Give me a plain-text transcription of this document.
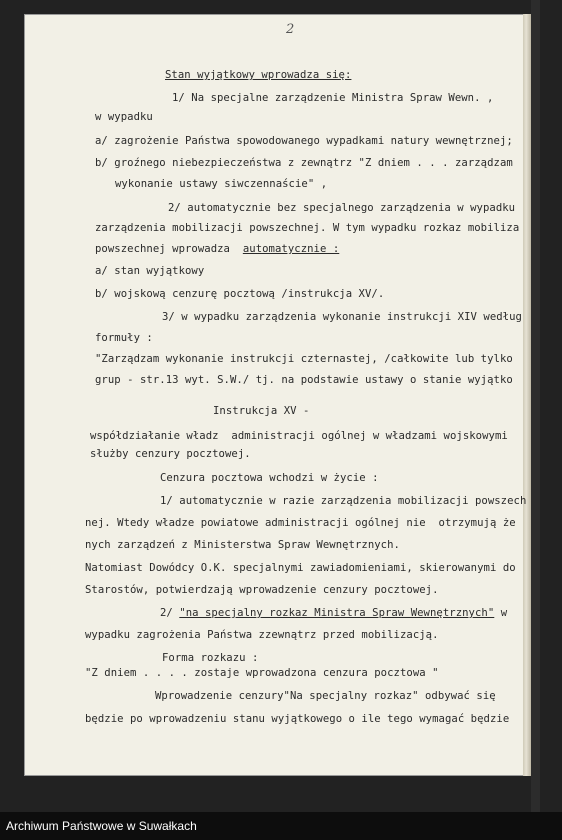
2
Stan wyjątkowy wprowadza się:
1/ Na specjalne zarządzenie Ministra Spraw Wewn. ,
w wypadku
a/ zagrożenie Państwa spowodowanego wypadkami natury wewnętrznej;
b/ groźnego niebezpieczeństwa z zewnątrz "Z dniem . . . zarządzam
wykonanie ustawy siwczennaście" ,
2/ automatycznie bez specjalnego zarządzenia w wypadku
zarządzenia mobilizacji powszechnej. W tym wypadku rozkaz mobiliza
powszechnej wprowadza  automatycznie :
a/ stan wyjątkowy
b/ wojskową cenzurę pocztową /instrukcja XV/.
3/ w wypadku zarządzenia wykonanie instrukcji XIV według
formuły :
"Zarządzam wykonanie instrukcji czternastej, /całkowite lub tylko
grup - str.13 wyt. S.W./ tj. na podstawie ustawy o stanie wyjątko
Instrukcja XV -
współdziałanie władz  administracji ogólnej w władzami wojskowymi
służby cenzury pocztowej.
Cenzura pocztowa wchodzi w życie :
1/ automatycznie w razie zarządzenia mobilizacji powszech
nej. Wtedy władze powiatowe administracji ogólnej nie  otrzymują że
nych zarządzeń z Ministerstwa Spraw Wewnętrznych.
Natomiast Dowódcy O.K. specjalnymi zawiadomieniami, skierowanymi do
Starostów, potwierdzają wprowadzenie cenzury pocztowej.
2/ "na specjalny rozkaz Ministra Spraw Wewnętrznych" w
wypadku zagrożenia Państwa zzewnątrz przed mobilizacją.
Forma rozkazu :
"Z dniem . . . . zostaje wprowadzona cenzura pocztowa "
Wprowadzenie cenzury"Na specjalny rozkaz" odbywać się
będzie po wprowadzeniu stanu wyjątkowego o ile tego wymagać będzie
Archiwum Państwowe w Suwałkach
